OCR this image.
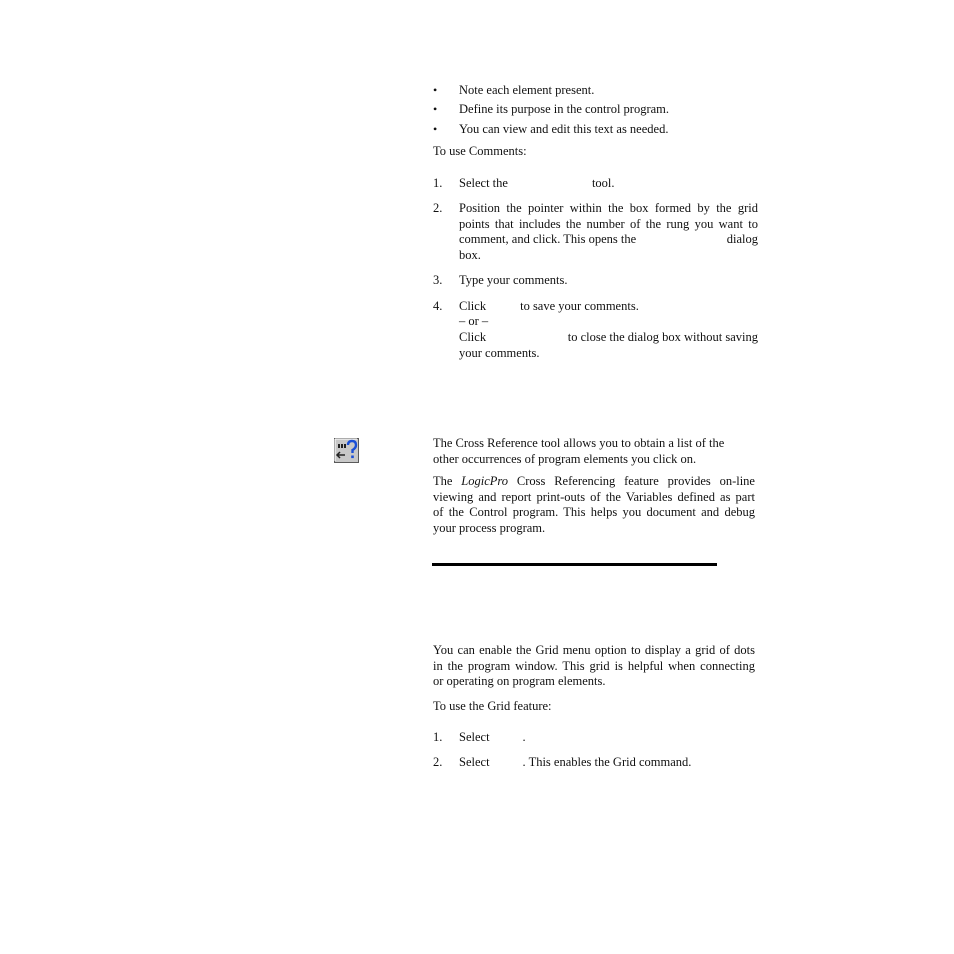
• Note each element present.
• Define its purpose in the control program.
• You can view and edit this text as needed.
To use Comments:
1. Select the	tool.
2. Position the pointer within the box formed by the grid
points that includes the number of the rung you want to
comment, and click. This opens the	dialog
box.
3. Type your comments.
4. Click	to save your comments.
– or –
Click	to close the dialog box without saving
your comments.
The Cross Reference tool allows you to obtain a list of the
other occurrences of program elements you click on.
The LogicPro Cross Referencing feature provides on-line
viewing and report print-outs of the Variables defined as part
of the Control program. This helps you document and debug
your process program.
You can enable the Grid menu option to display a grid of dots
in the program window. This grid is helpful when connecting
or operating on program elements.
To use the Grid feature:
1. Select	.
2. Select	. This enables the Grid command.
